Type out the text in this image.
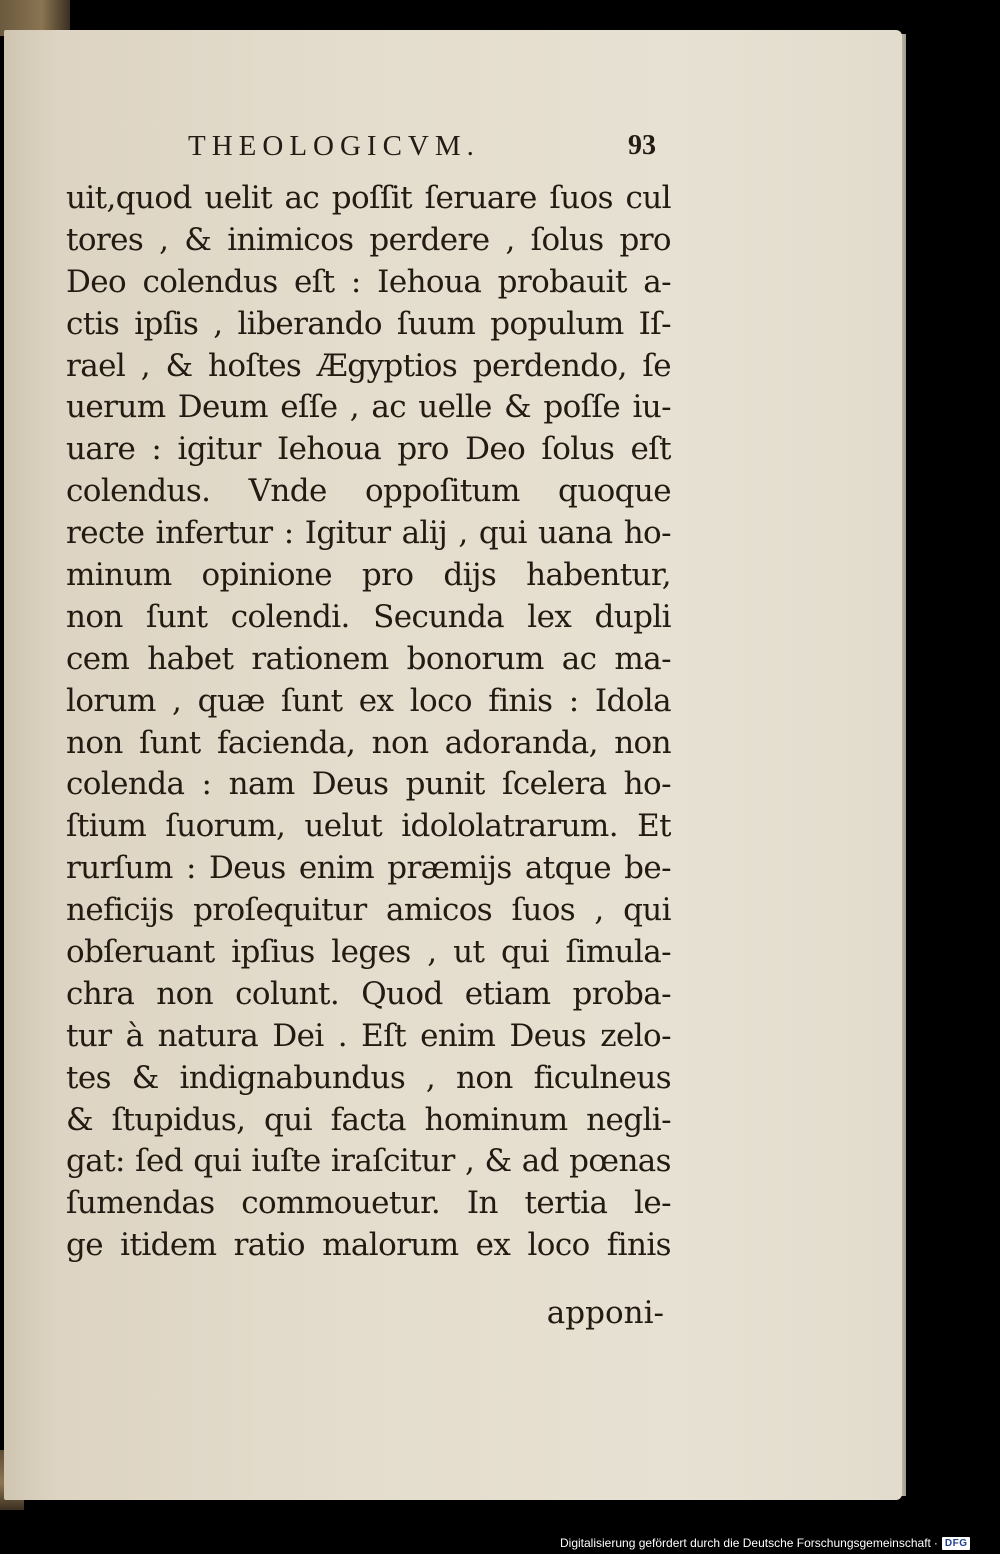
THEOLOGICVM.	93
uit,quod uelit ac poſſit ſeruare ſuos cul
tores , & inimicos perdere , ſolus pro
Deo colendus eſt : Iehoua probauit a-
ctis ipſis , liberando ſuum populum Iſ-
rael , & hoſtes Ægyptios perdendo, ſe
uerum Deum eſſe , ac uelle & poſſe iu-
uare : igitur Iehoua pro Deo ſolus eſt
colendus. Vnde oppoſitum quoque
recte infertur : Igitur alij , qui uana ho-
minum opinione pro dijs habentur,
non ſunt colendi. Secunda lex dupli
cem habet rationem bonorum ac ma-
lorum , quæ ſunt ex loco finis : Idola
non ſunt facienda, non adoranda, non
colenda : nam Deus punit ſcelera ho-
ſtium ſuorum, uelut idololatrarum. Et
rurſum : Deus enim præmijs atque be-
neficijs proſequitur amicos ſuos , qui
obſeruant ipſius leges , ut qui ſimula-
chra non colunt. Quod etiam proba-
tur à natura Dei . Eſt enim Deus zelo-
tes & indignabundus , non ficulneus
& ſtupidus, qui facta hominum negli-
gat: ſed qui iuſte iraſcitur , & ad pœnas
ſumendas commouetur. In tertia le-
ge itidem ratio malorum ex loco finis
apponi-
Digitalisierung gefördert durch die Deutsche Forschungsgemeinschaft · DFG
